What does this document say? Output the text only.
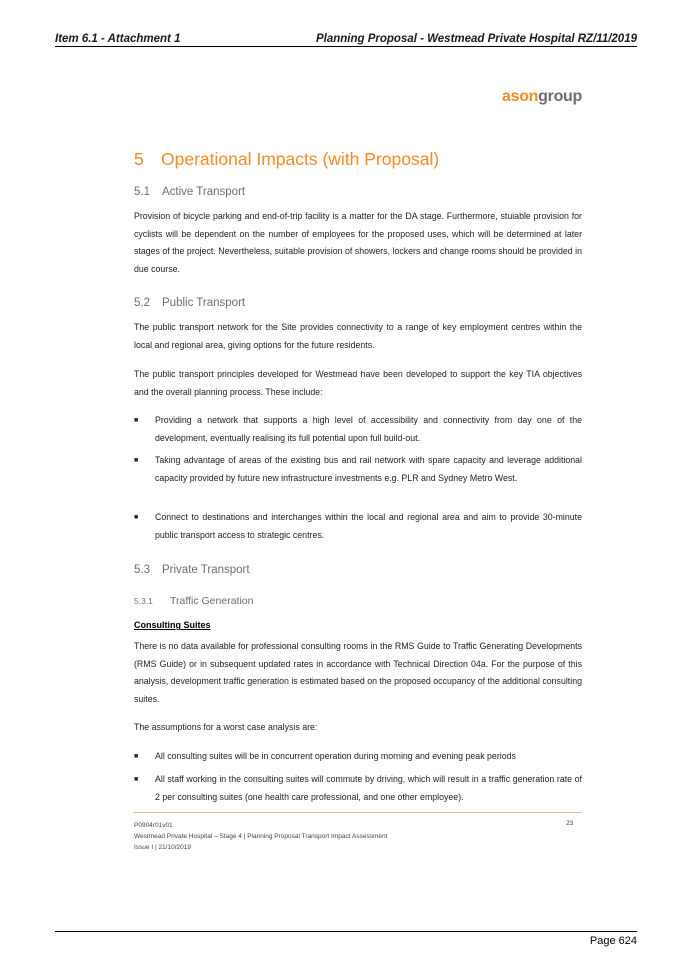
Item 6.1 - Attachment 1	Planning Proposal - Westmead Private Hospital RZ/11/2019
asongroup
5 Operational Impacts (with Proposal)
5.1 Active Transport
Provision of bicycle parking and end-of-trip facility is a matter for the DA stage. Furthermore, stuiable provision for cyclists will be dependent on the number of employees for the proposed uses, which will be determined at later stages of the project. Nevertheless, suitable provision of showers, lockers and change rooms should be provided in due course.
5.2 Public Transport
The public transport network for the Site provides connectivity to a range of key employment centres within the local and regional area, giving options for the future residents.
The public transport principles developed for Westmead have been developed to support the key TIA objectives and the overall planning process. These include:
■ Providing a network that supports a high level of accessibility and connectivity from day one of the development, eventually realising its full potential upon full build-out.
■ Taking advantage of areas of the existing bus and rail network with spare capacity and leverage additional capacity provided by future new infrastructure investments e.g. PLR and Sydney Metro West.
■ Connect to destinations and interchanges within the local and regional area and aim to provide 30-minute public transport access to strategic centres.
5.3 Private Transport
5.3.1 Traffic Generation
Consulting Suites
There is no data available for professional consulting rooms in the RMS Guide to Traffic Generating Developments (RMS Guide) or in subsequent updated rates in accordance with Technical Direction 04a. For the purpose of this analysis, development traffic generation is estimated based on the proposed occupancy of the additional consulting suites.
The assumptions for a worst case analysis are:
■ All consulting suites will be in concurrent operation during morning and evening peak periods
■ All staff working in the consulting suites will commute by driving, which will result in a traffic generation rate of 2 per consulting suites (one health care professional, and one other employee).
P0904r01v01
Westmead Private Hospital – Stage 4 | Planning Proposal Transport Impact Assessment
Issue I | 21/10/2019
23
Page 624
